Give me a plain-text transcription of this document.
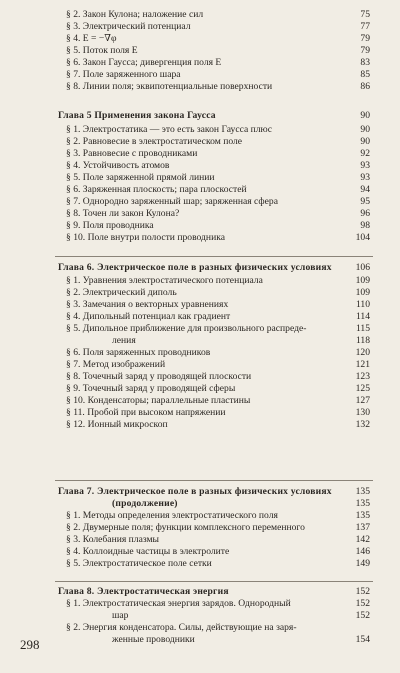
§ 2. Закон Кулона; наложение сил	75
§ 3. Электрический потенциал	77
§ 4. E = −∇φ	79
§ 5. Поток поля E	79
§ 6. Закон Гаусса; дивергенция поля E	83
§ 7. Поле заряженного шара	85
§ 8. Линии поля; эквипотенциальные поверхности	86
Глава 5 Применения закона Гаусса	90
§ 1. Электростатика — это есть закон Гаусса плюс	90
§ 2. Равновесие в электростатическом поле	90
§ 3. Равновесие с проводниками	92
§ 4. Устойчивость атомов	93
§ 5. Поле заряженной прямой линии	93
§ 6. Заряженная плоскость; пара плоскостей	94
§ 7. Однородно заряженный шар; заряженная сфера	95
§ 8. Точен ли закон Кулона?	96
§ 9. Поля проводника	98
§ 10. Поле внутри полости проводника	104
Глава 6. Электрическое поле в разных физических условиях 106
§ 1. Уравнения электростатического потенциала	109
§ 2. Электрический диполь	109
§ 3. Замечания о векторных уравнениях	110
§ 4. Дипольный потенциал как градиент	114
§ 5. Дипольное приближение для произвольного распреде-	115
ления	118
§ 6. Поля заряженных проводников	120
§ 7. Метод изображений	121
§ 8. Точечный заряд у проводящей плоскости	123
§ 9. Точечный заряд у проводящей сферы	125
§ 10. Конденсаторы; параллельные пластины	127
§ 11. Пробой при высоком напряжении	130
§ 12. Ионный микроскоп	132
Глава 7. Электрическое поле в разных физических условиях 135
(продолжение)	135
§ 1. Методы определения электростатического поля	135
§ 2. Двумерные поля; функции комплексного переменного	137
§ 3. Колебания плазмы	142
§ 4. Коллоидные частицы в электролите	146
§ 5. Электростатическое поле сетки	149
Глава 8. Электростатическая энергия	152
§ 1. Электростатическая энергия зарядов. Однородный	152
шар	152
§ 2. Энергия конденсатора. Силы, действующие на заря-
женные проводники	154
298
